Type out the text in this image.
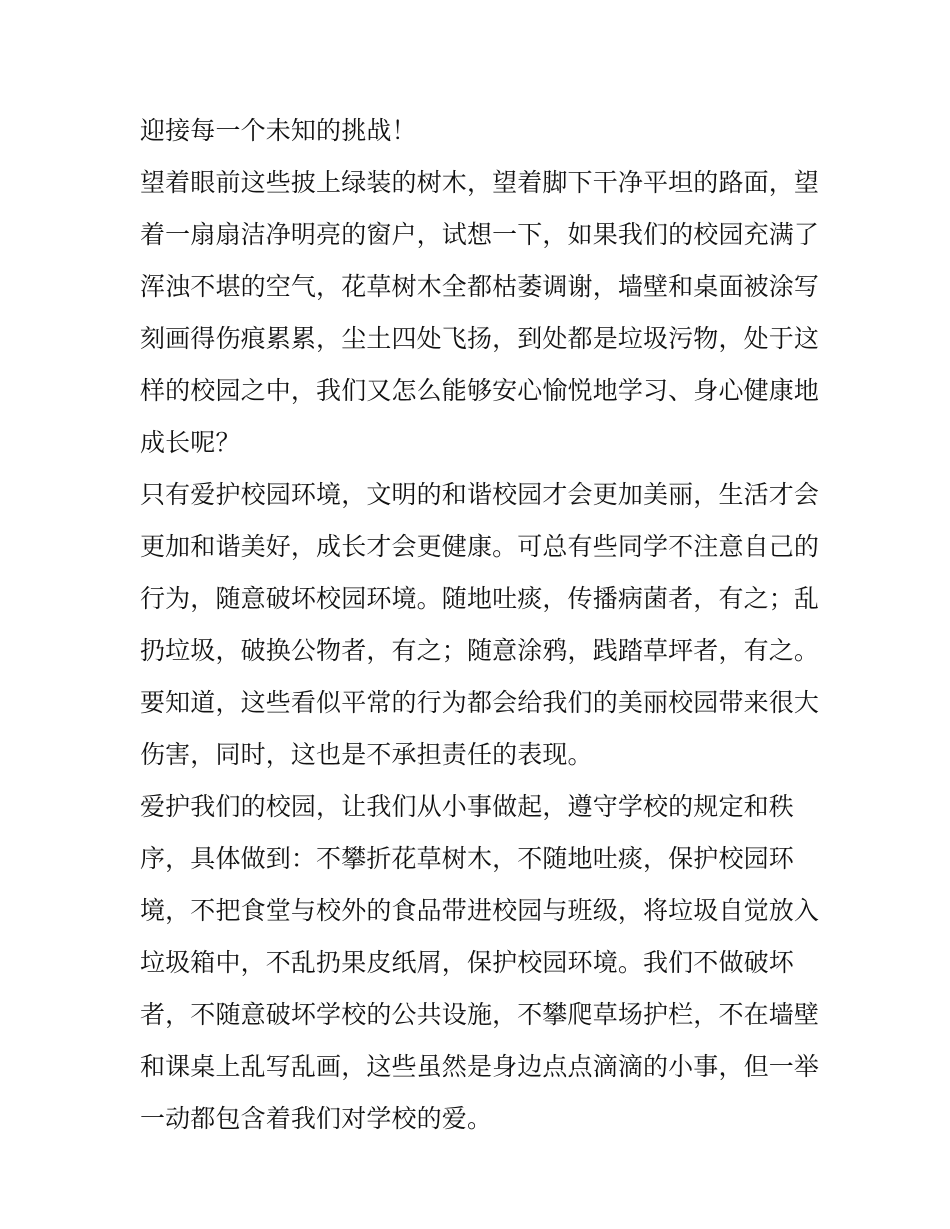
迎接每一个未知的挑战！
望着眼前这些披上绿装的树木，望着脚下干净平坦的路面，望
着一扇扇洁净明亮的窗户，试想一下，如果我们的校园充满了
浑浊不堪的空气，花草树木全都枯萎调谢，墙壁和桌面被涂写
刻画得伤痕累累，尘土四处飞扬，到处都是垃圾污物，处于这
样的校园之中，我们又怎么能够安心愉悦地学习、身心健康地
成长呢？
只有爱护校园环境，文明的和谐校园才会更加美丽，生活才会
更加和谐美好，成长才会更健康。可总有些同学不注意自己的
行为，随意破坏校园环境。随地吐痰，传播病菌者，有之；乱
扔垃圾，破换公物者，有之；随意涂鸦，践踏草坪者，有之。
要知道，这些看似平常的行为都会给我们的美丽校园带来很大
伤害，同时，这也是不承担责任的表现。
爱护我们的校园，让我们从小事做起，遵守学校的规定和秩
序，具体做到：不攀折花草树木，不随地吐痰，保护校园环
境，不把食堂与校外的食品带进校园与班级，将垃圾自觉放入
垃圾箱中，不乱扔果皮纸屑，保护校园环境。我们不做破坏
者，不随意破坏学校的公共设施，不攀爬草场护栏，不在墙壁
和课桌上乱写乱画，这些虽然是身边点点滴滴的小事，但一举
一动都包含着我们对学校的爱。
